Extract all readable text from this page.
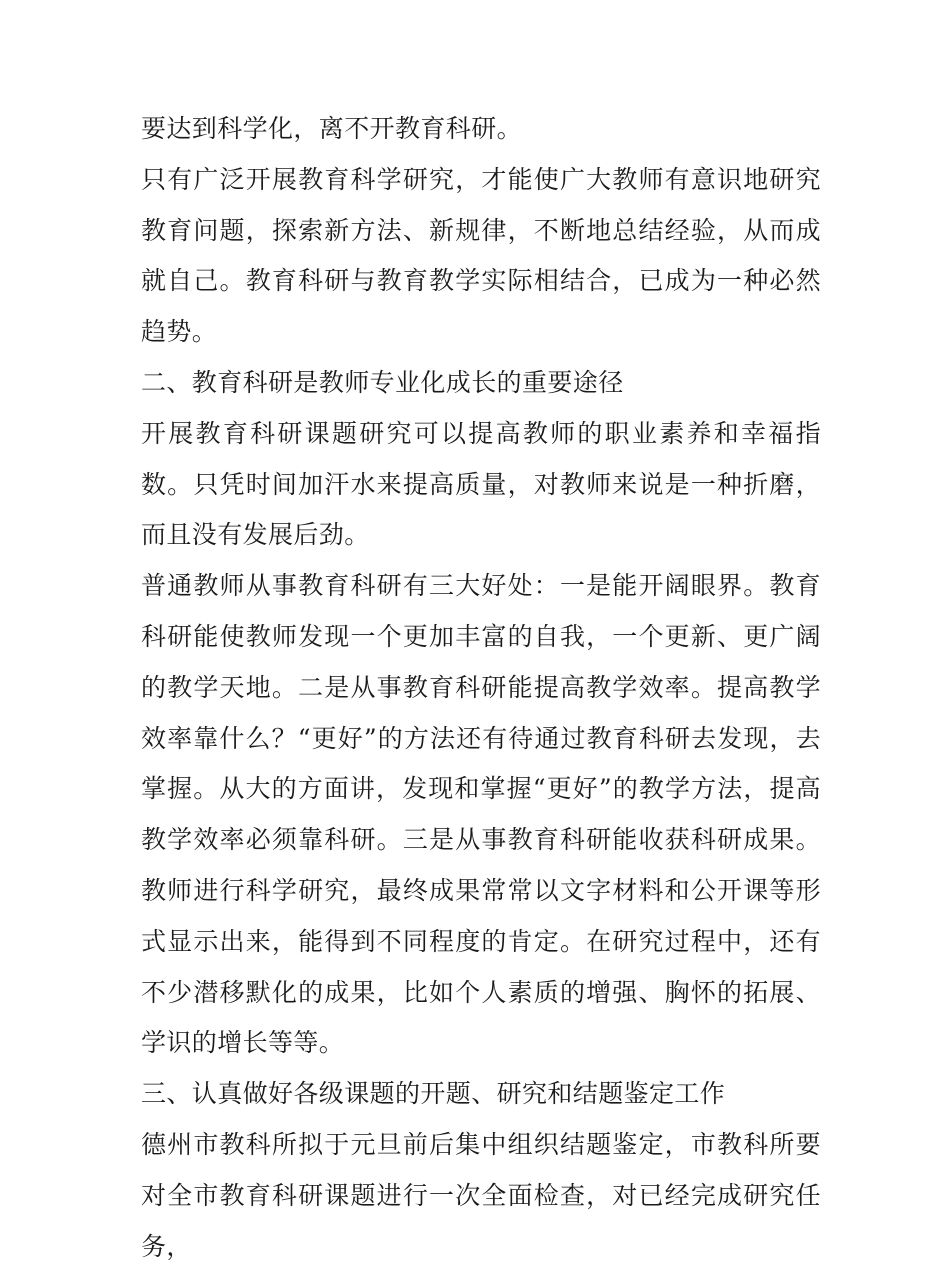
要达到科学化，离不开教育科研。

只有广泛开展教育科学研究，才能使广大教师有意识地研究教育问题，探索新方法、新规律，不断地总结经验，从而成就自己。教育科研与教育教学实际相结合，已成为一种必然趋势。

二、教育科研是教师专业化成长的重要途径

开展教育科研课题研究可以提高教师的职业素养和幸福指数。只凭时间加汗水来提高质量，对教师来说是一种折磨，而且没有发展后劲。

普通教师从事教育科研有三大好处：一是能开阔眼界。教育科研能使教师发现一个更加丰富的自我，一个更新、更广阔的教学天地。二是从事教育科研能提高教学效率。提高教学效率靠什么？“更好”的方法还有待通过教育科研去发现，去掌握。从大的方面讲，发现和掌握“更好”的教学方法，提高教学效率必须靠科研。三是从事教育科研能收获科研成果。教师进行科学研究，最终成果常常以文字材料和公开课等形式显示出来，能得到不同程度的肯定。在研究过程中，还有不少潜移默化的成果，比如个人素质的增强、胸怀的拓展、学识的增长等等。

三、认真做好各级课题的开题、研究和结题鉴定工作

德州市教科所拟于元旦前后集中组织结题鉴定，市教科所要对全市教育科研课题进行一次全面检查，对已经完成研究任务，
